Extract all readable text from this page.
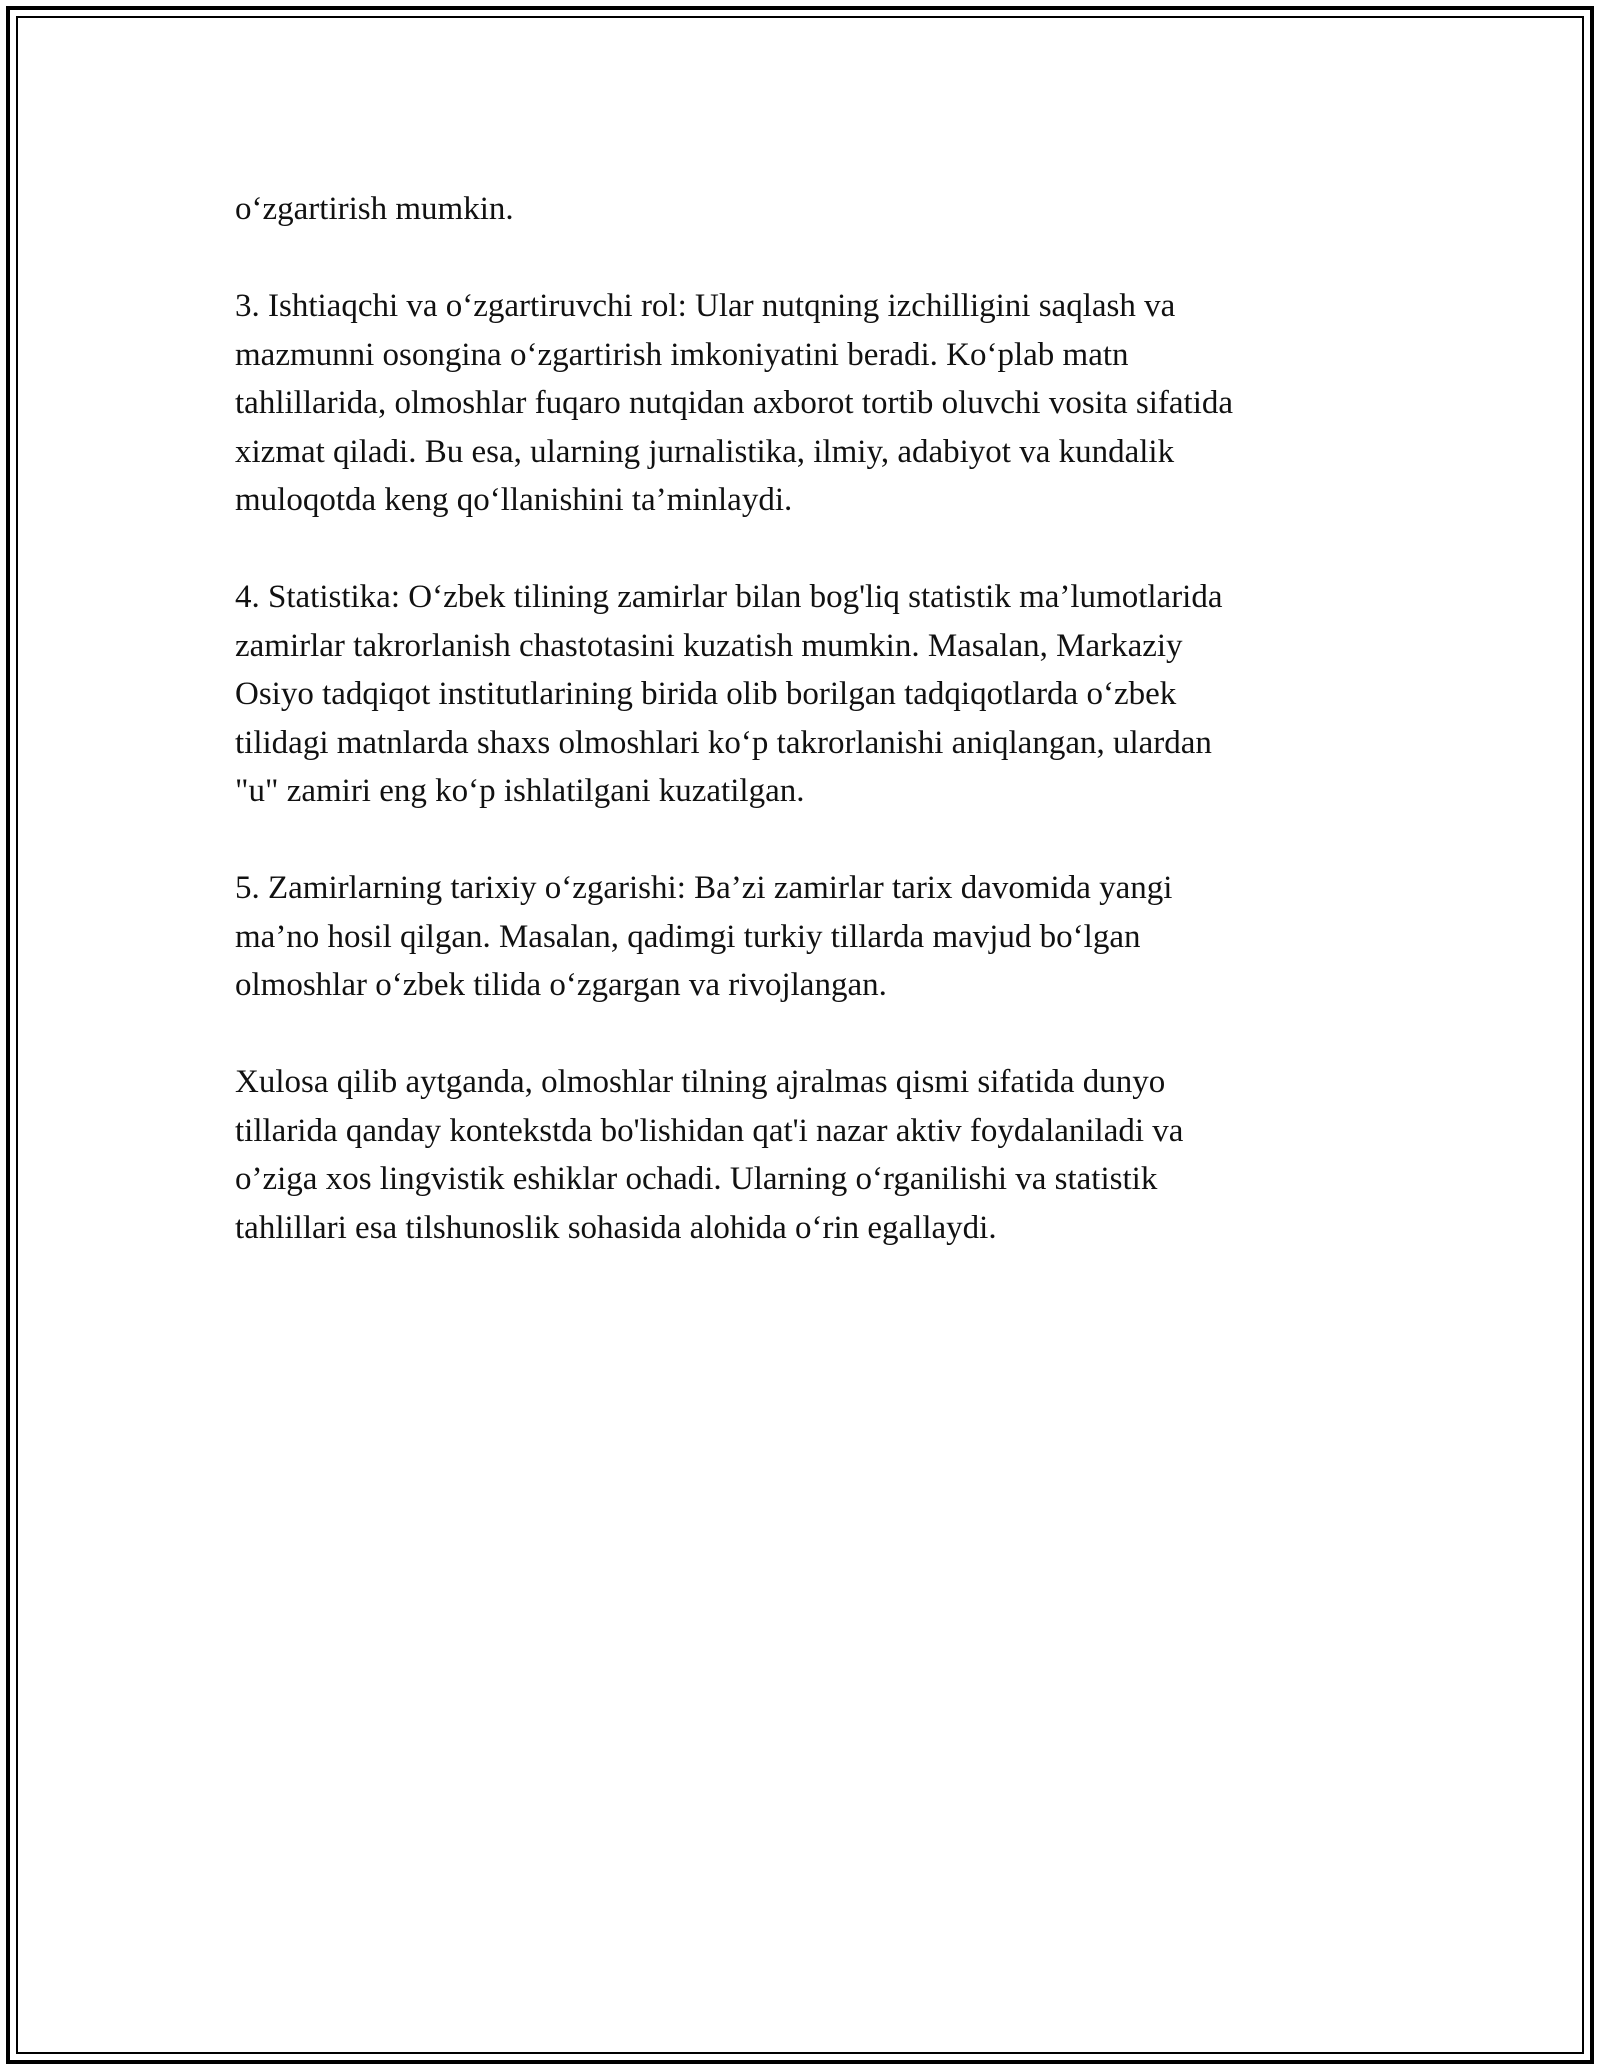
o‘zgartirish mumkin.

3. Ishtiaqchi va o‘zgartiruvchi rol: Ular nutqning izchilligini saqlash va
mazmunni osongina o‘zgartirish imkoniyatini beradi. Ko‘plab matn
tahlillarida, olmoshlar fuqaro nutqidan axborot tortib oluvchi vosita sifatida
xizmat qiladi. Bu esa, ularning jurnalistika, ilmiy, adabiyot va kundalik
muloqotda keng qo‘llanishini ta’minlaydi.

4. Statistika: O‘zbek tilining zamirlar bilan bog'liq statistik ma’lumotlarida
zamirlar takrorlanish chastotasini kuzatish mumkin. Masalan, Markaziy
Osiyo tadqiqot institutlarining birida olib borilgan tadqiqotlarda o‘zbek
tilidagi matnlarda shaxs olmoshlari ko‘p takrorlanishi aniqlangan, ulardan
"u" zamiri eng ko‘p ishlatilgani kuzatilgan.

5. Zamirlarning tarixiy o‘zgarishi: Ba’zi zamirlar tarix davomida yangi
ma’no hosil qilgan. Masalan, qadimgi turkiy tillarda mavjud bo‘lgan
olmoshlar o‘zbek tilida o‘zgargan va rivojlangan.

Xulosa qilib aytganda, olmoshlar tilning ajralmas qismi sifatida dunyo
tillarida qanday kontekstda bo'lishidan qat'i nazar aktiv foydalaniladi va
o’ziga xos lingvistik eshiklar ochadi. Ularning o‘rganilishi va statistik
tahlillari esa tilshunoslik sohasida alohida o‘rin egallaydi.
